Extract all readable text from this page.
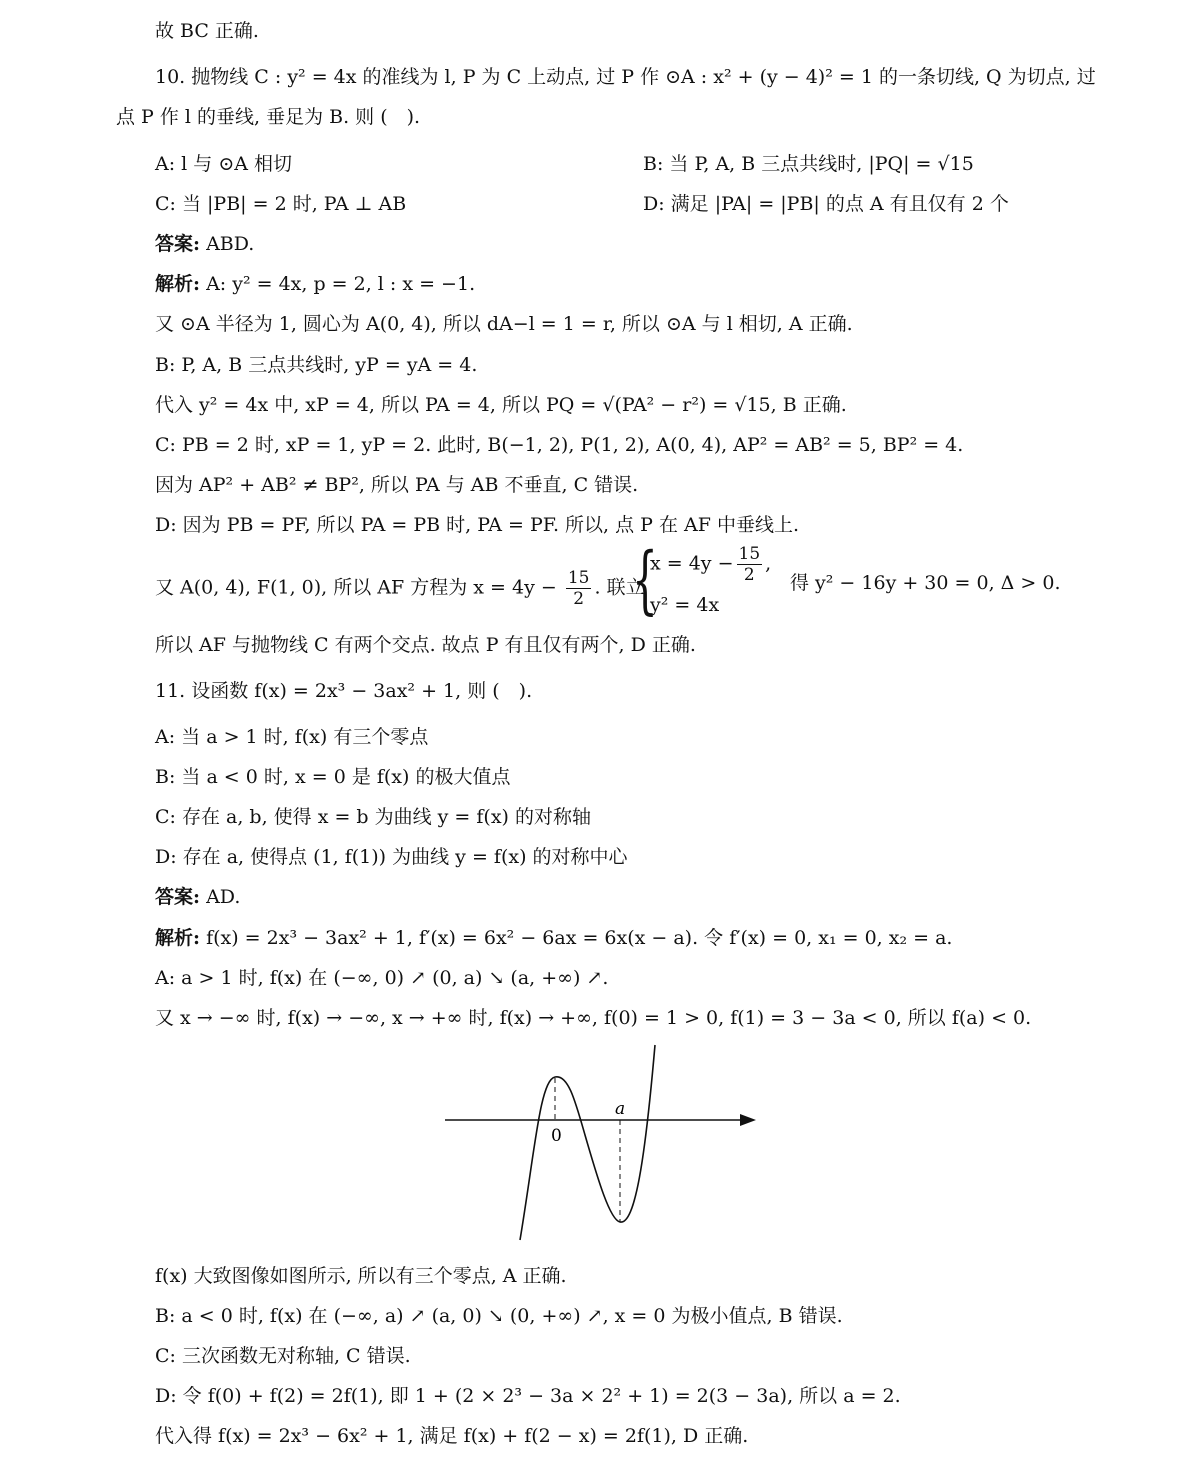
故 BC 正确.
10. 抛物线 C : y² = 4x 的准线为 l, P 为 C 上动点, 过 P 作 ⊙A : x² + (y − 4)² = 1 的一条切线, Q 为切点, 过
点 P 作 l 的垂线, 垂足为 B. 则 (　).
A: l 与 ⊙A 相切	B: 当 P, A, B 三点共线时, |PQ| = √15
C: 当 |PB| = 2 时, PA ⊥ AB	D: 满足 |PA| = |PB| 的点 A 有且仅有 2 个
答案: ABD.
解析: A: y² = 4x, p = 2, l : x = −1.
又 ⊙A 半径为 1, 圆心为 A(0, 4), 所以 dA−l = 1 = r, 所以 ⊙A 与 l 相切, A 正确.
B: P, A, B 三点共线时, yP = yA = 4.
代入 y² = 4x 中, xP = 4, 所以 PA = 4, 所以 PQ = √(PA² − r²) = √15, B 正确.
C: PB = 2 时, xP = 1, yP = 2. 此时, B(−1, 2), P(1, 2), A(0, 4), AP² = AB² = 5, BP² = 4.
因为 AP² + AB² ≠ BP², 所以 PA 与 AB 不垂直, C 错误.
D: 因为 PB = PF, 所以 PA = PB 时, PA = PF. 所以, 点 P 在 AF 中垂线上.
又 A(0, 4), F(1, 0), 所以 AF 方程为 $x = 4y - \frac{15}{2}$ . 联立
{
$x = 4y - \frac{15}{2}$ ,
y² = 4x
得 y² − 16y + 30 = 0, Δ > 0.
所以 AF 与抛物线 C 有两个交点. 故点 P 有且仅有两个, D 正确.
11. 设函数 f(x) = 2x³ − 3ax² + 1, 则 (　).
A: 当 a > 1 时, f(x) 有三个零点
B: 当 a < 0 时, x = 0 是 f(x) 的极大值点
C: 存在 a, b, 使得 x = b 为曲线 y = f(x) 的对称轴
D: 存在 a, 使得点 (1, f(1)) 为曲线 y = f(x) 的对称中心
答案: AD.
解析: f(x) = 2x³ − 3ax² + 1, f′(x) = 6x² − 6ax = 6x(x − a). 令 f′(x) = 0, x₁ = 0, x₂ = a.
A: a > 1 时, f(x) 在 (−∞, 0) ↗ (0, a) ↘ (a, +∞) ↗.
又 x → −∞ 时, f(x) → −∞, x → +∞ 时, f(x) → +∞, f(0) = 1 > 0, f(1) = 3 − 3a < 0, 所以 f(a) < 0.
0
a
f(x) 大致图像如图所示, 所以有三个零点, A 正确.
B: a < 0 时, f(x) 在 (−∞, a) ↗ (a, 0) ↘ (0, +∞) ↗, x = 0 为极小值点, B 错误.
C: 三次函数无对称轴, C 错误.
D: 令 f(0) + f(2) = 2f(1), 即 1 + (2 × 2³ − 3a × 2² + 1) = 2(3 − 3a), 所以 a = 2.
代入得 f(x) = 2x³ − 6x² + 1, 满足 f(x) + f(2 − x) = 2f(1), D 正确.
